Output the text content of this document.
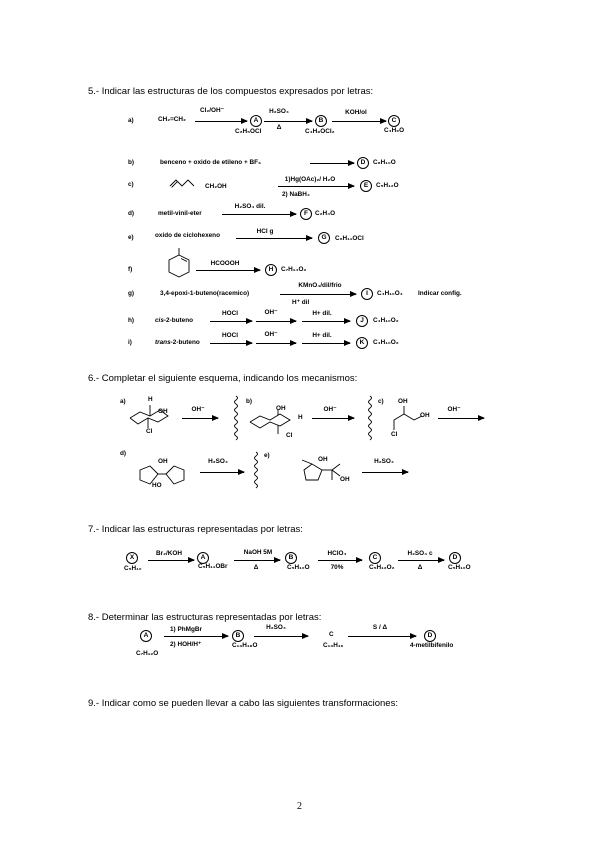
5.- Indicar las estructuras de los compuestos expresados por letras:
a)	CH₂=CH₂
Cl₂/OH⁻
A
C₂H₅OCl
H₂SO₄
Δ
B
C₄H₈OCl₂
KOH/ol
C
C₄H₆O
b)	benceno + oxido de etileno + BF₃	D	C₈H₁₀O
c)	CH₂OH
1)Hg(OAc)₂/ H₂O
2) NaBH₄
E	C₅H₁₂O
d)	metil-vinil-eter
H₂SO₄ dil.
F	C₂H₄O
e)	oxido de ciclohexeno
HCl g
G	C₆H₁₁OCl
f)
HCOOOH
H	C₇H₁₄O₂
g)	3,4-epoxi-1-buteno(racemico)
KMnO₄/dil/frio
H⁺ dil
I	C₄H₁₀O₄ Indicar config.
h)	cis-2-buteno
HOCl	OH⁻	H+ dil.
J	C₄H₁₀O₂
i)	trans-2-buteno
HOCl	OH⁻	H+ dil.
K	C₄H₁₀O₂
6.- Completar el siguiente esquema, indicando los mecanismos:
a)	H
OH
Cl
OH⁻
b)
OH
H
Cl
OH⁻
c) OH
OH
Cl
OH⁻
d)
OH
HO
H₂SO₄
e)
OH
OH
H₂SO₄
7.- Indicar las estructuras representadas por letras:
X
C₅H₁₀
Br₂/KOH
A
C₅H₁₁OBr
NaOH 5M
Δ
B
C₅H₁₀O
HClO₄
70%
C
C₅H₁₂O₂
H₂SO₄ c
Δ
D
C₅H₁₀O
8.- Determinar las estructuras representadas por letras:
A
C₇H₁₂O
1) PhMgBr
2) HOH/H⁺
B
C₁₃H₁₈O
H₂SO₄
C
C₁₃H₁₆
S / Δ
D
4-metilbifenilo
9.- Indicar como se pueden llevar a cabo las siguientes transformaciones:
2
